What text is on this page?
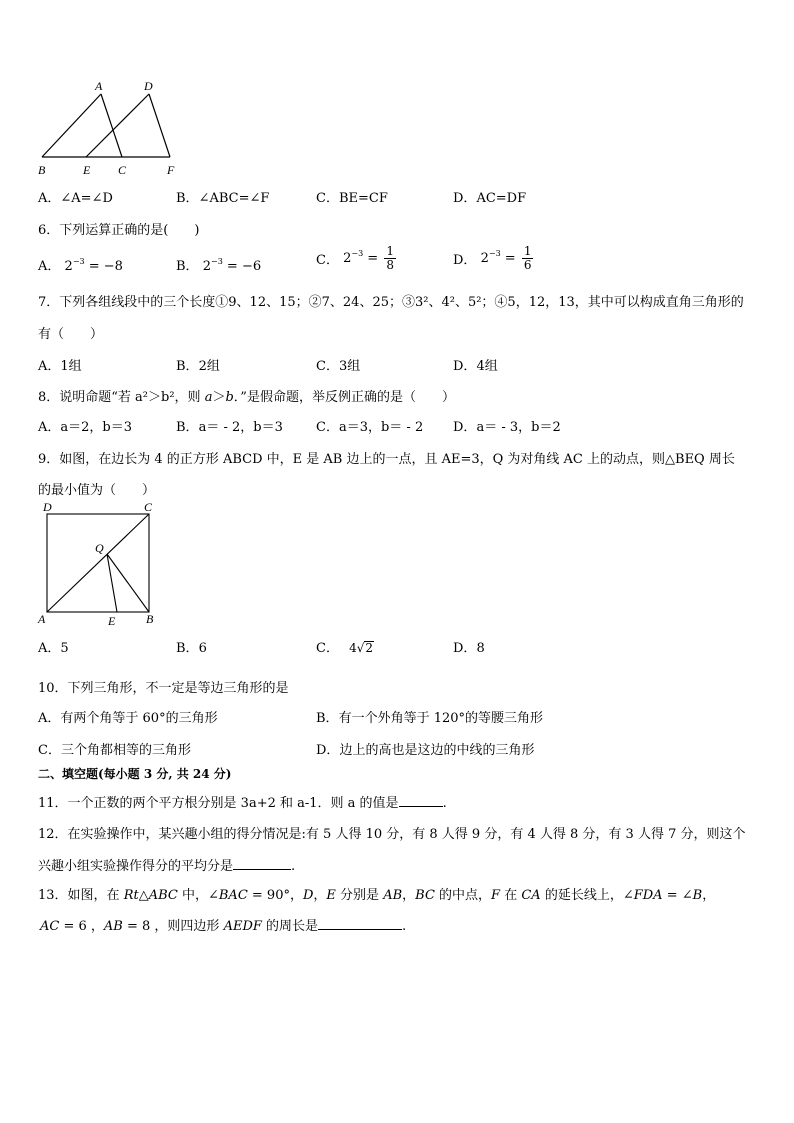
A	D
B	E C	F
A．∠A=∠D	B．∠ABC=∠F	C．BE=CF	D．AC=DF
6．下列运算正确的是(　　)
A． $2^{-3} = -8$	B． $2^{-3} = -6$	C． $2^{-3} = \frac{1}{8}$	D． $2^{-3} = \frac{1}{6}$
7．下列各组线段中的三个长度①9、12、15；②7、24、25；③3²、4²、5²；④5，12，13，其中可以构成直角三角形的
有（　　）
A．1组	B．2组	C．3组	D．4组
8．说明命题“若 a²＞b²，则 a＞b．”是假命题，举反例正确的是（　　）
A．a＝2，b＝3	B．a＝ - 2，b＝3	C．a＝3，b＝ - 2 D．a＝ - 3，b＝2
9．如图，在边长为 4 的正方形 ABCD 中，E 是 AB 边上的一点，且 AE=3，Q 为对角线 AC 上的动点，则△BEQ 周长
的最小值为（　　）
D	C
Q
A	E	B
A．5	B．6	C． 4√2	D．8
10．下列三角形，不一定是等边三角形的是
A．有两个角等于 60°的三角形	B．有一个外角等于 120°的等腰三角形
C．三个角都相等的三角形	D．边上的高也是这边的中线的三角形
二、填空题(每小题 3 分, 共 24 分)
11．一个正数的两个平方根分别是 3a+2 和 a-1．则 a 的值是	.
12．在实验操作中，某兴趣小组的得分情况是:有 5 人得 10 分，有 8 人得 9 分，有 4 人得 8 分，有 3 人得 7 分，则这个
兴趣小组实验操作得分的平均分是	.
13．如图，在 Rt△ABC 中，∠BAC = 90°，D，E 分别是 AB，BC 的中点，F 在 CA 的延长线上，∠FDA = ∠B，
AC = 6 ，AB = 8 ，则四边形 AEDF 的周长是	.
